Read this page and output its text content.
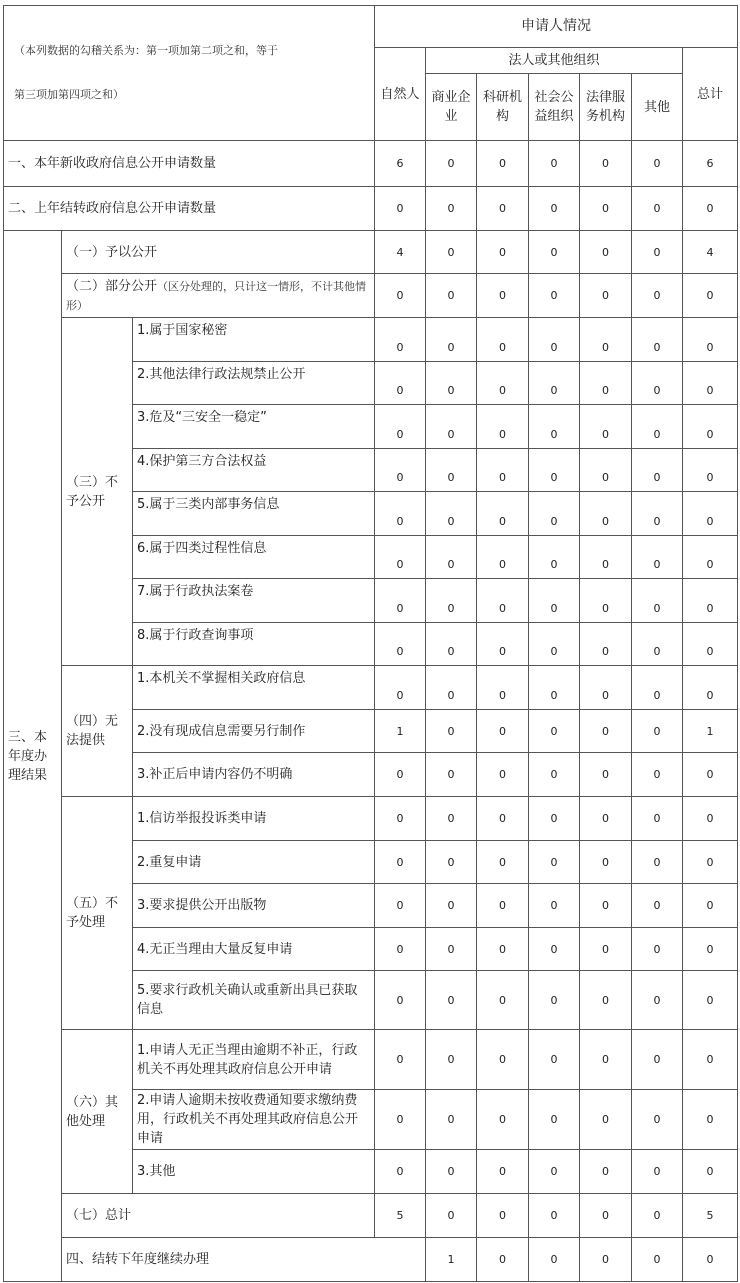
（本列数据的勾稽关系为：第一项加第二项之和，等于
第三项加第四项之和）			申请人情况							
			自然人	法人或其他组织					总计	
				商业企业	科研机构	社会公益组织	法律服务机构	其他		
一、本年新收政府信息公开申请数量			6	0	0	0	0	0	6	
二、上年结转政府信息公开申请数量			0	0	0	0	0	0	0	
三、本年度办理结果	（一）予以公开		4	0	0	0	0	0	4	
	（二）部分公开（区分处理的，只计这一情形，不计其他情形）		0	0	0	0	0	0	0	
	（三）不予公开	1.属于国家秘密	0	0	0	0	0	0	0	
		2.其他法律行政法规禁止公开	0	0	0	0	0	0	0	
		3.危及“三安全一稳定”	0	0	0	0	0	0	0	
		4.保护第三方合法权益	0	0	0	0	0	0	0	
		5.属于三类内部事务信息	0	0	0	0	0	0	0	
		6.属于四类过程性信息	0	0	0	0	0	0	0	
		7.属于行政执法案卷	0	0	0	0	0	0	0	
		8.属于行政查询事项	0	0	0	0	0	0	0	
	（四）无法提供	1.本机关不掌握相关政府信息	0	0	0	0	0	0	0	
		2.没有现成信息需要另行制作	1	0	0	0	0	0	1	
		3.补正后申请内容仍不明确	0	0	0	0	0	0	0	
	（五）不予处理	1.信访举报投诉类申请	0	0	0	0	0	0	0	
		2.重复申请	0	0	0	0	0	0	0	
		3.要求提供公开出版物	0	0	0	0	0	0	0	
		4.无正当理由大量反复申请	0	0	0	0	0	0	0	
		5.要求行政机关确认或重新出具已获取信息	0	0	0	0	0	0	0	
	（六）其他处理	1.申请人无正当理由逾期不补正，行政机关不再处理其政府信息公开申请	0	0	0	0	0	0	0	
		2.申请人逾期未按收费通知要求缴纳费用，行政机关不再处理其政府信息公开申请	0	0	0	0	0	0	0	
		3.其他	0	0	0	0	0	0	0	
	（七）总计		5	0	0	0	0	0	5	
	四、结转下年度继续办理			1	0	0	0	0	0	
